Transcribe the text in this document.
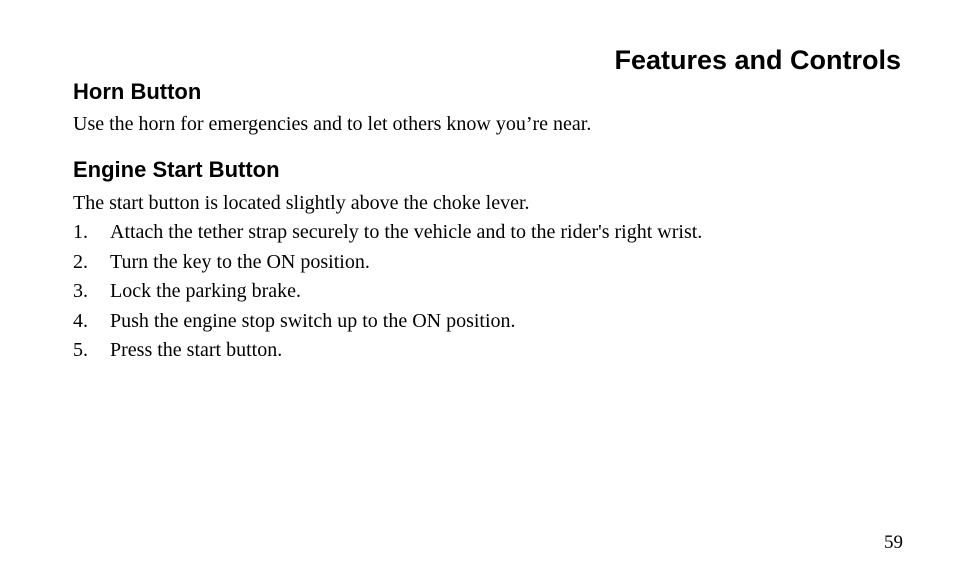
Features and Controls
Horn Button

Use the horn for emergencies and to let others know you’re near.

Engine Start Button

The start button is located slightly above the choke lever.

1.	Attach the tether strap securely to the vehicle and to the rider's right wrist.
2.	Turn the key to the ON position.
3.	Lock the parking brake.
4.	Push the engine stop switch up to the ON position.
5.	Press the start button.
59
